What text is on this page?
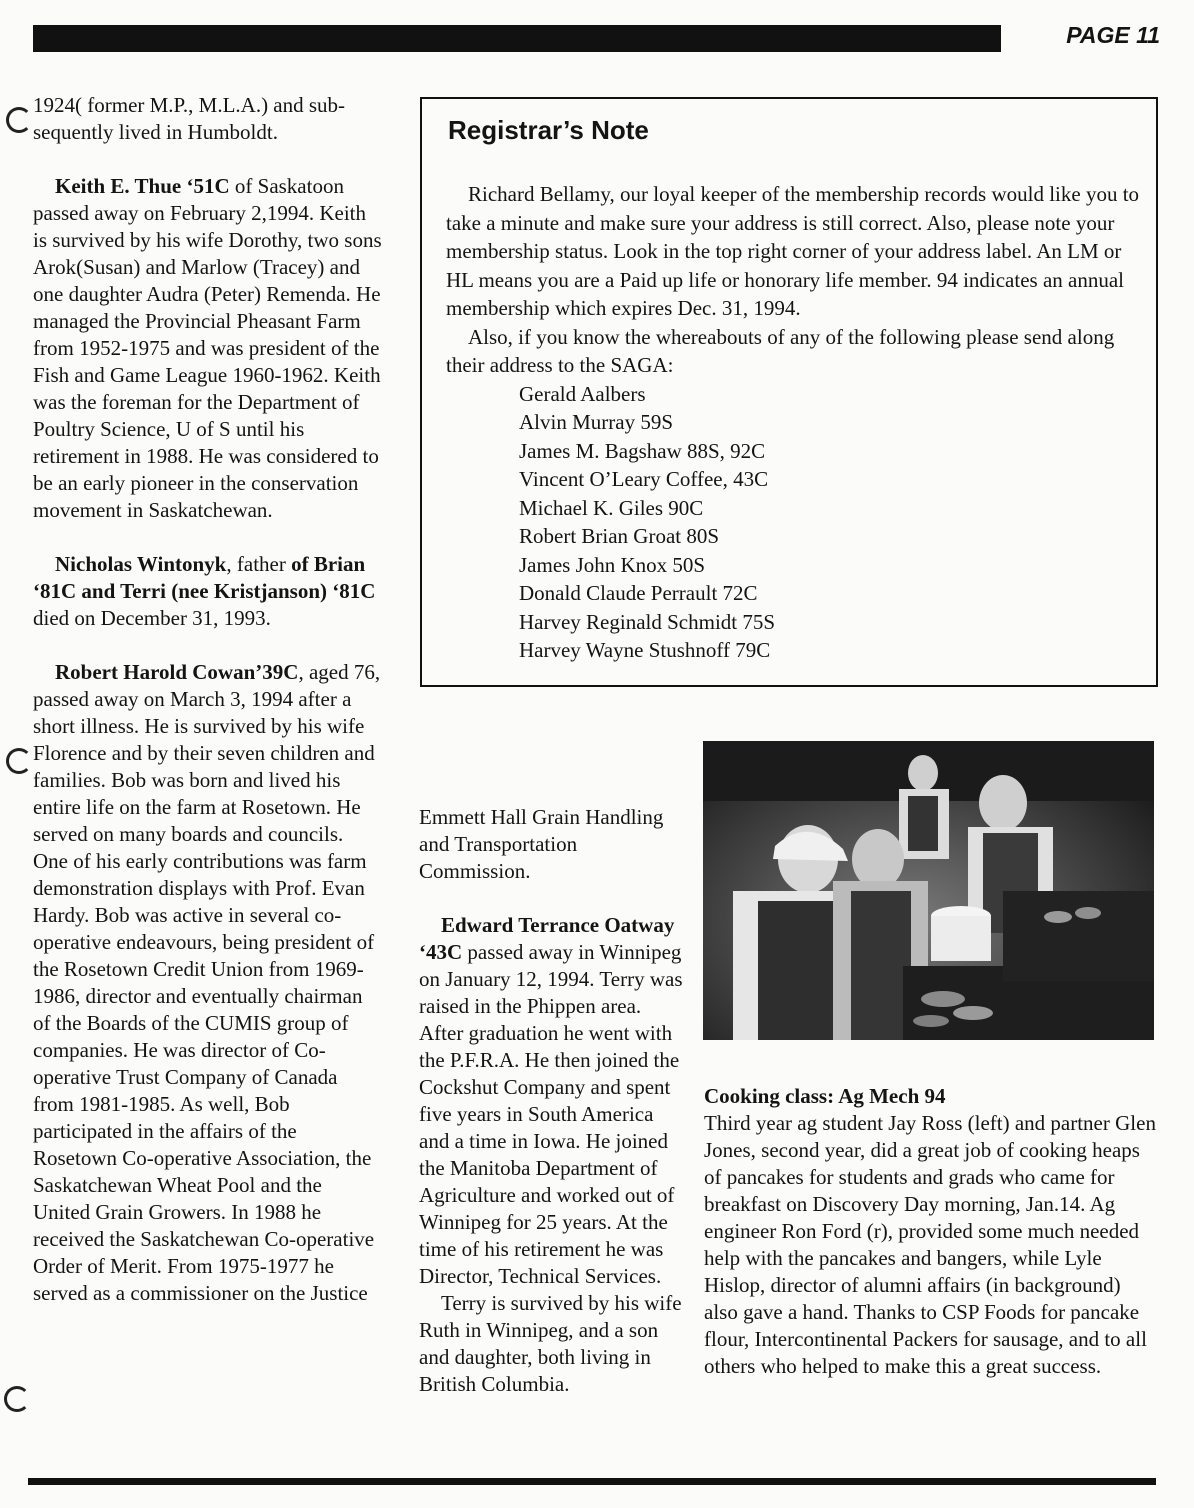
PAGE 11

1924( former M.P., M.L.A.) and sub-
sequently lived in Humboldt.

Keith E. Thue ‘51C of Saskatoon passed away on February 2,1994. Keith is survived by his wife Dorothy, two sons Arok(Susan) and Marlow (Tracey) and one daughter Audra (Peter) Remenda. He managed the Provincial Pheasant Farm from 1952-1975 and was president of the Fish and Game League 1960-1962. Keith was the foreman for the Department of Poultry Science, U of S until his retirement in 1988. He was considered to be an early pioneer in the conservation movement in Saskatchewan.

Nicholas Wintonyk, father of Brian ‘81C and Terri (nee Kristjanson) ‘81C died on December 31, 1993.

Robert Harold Cowan’39C, aged 76, passed away on March 3, 1994 after a short illness. He is survived by his wife Florence and by their seven children and families. Bob was born and lived his entire life on the farm at Rosetown. He served on many boards and councils. One of his early contributions was farm demonstration displays with Prof. Evan Hardy. Bob was active in several co-operative endeavours, being president of the Rosetown Credit Union from 1969-1986, director and eventually chairman of the Boards of the CUMIS group of companies. He was director of Co-operative Trust Company of Canada from 1981-1985. As well, Bob participated in the affairs of the Rosetown Co-operative Association, the Saskatchewan Wheat Pool and the United Grain Growers. In 1988 he received the Saskatchewan Co-operative Order of Merit. From 1975-1977 he served as a commissioner on the Justice

Registrar’s Note

Richard Bellamy, our loyal keeper of the membership records would like you to take a minute and make sure your address is still correct. Also, please note your membership status. Look in the top right corner of your address label. An LM or HL means you are a Paid up life or honorary life member. 94 indicates an annual membership which expires Dec. 31, 1994.

Also, if you know the whereabouts of any of the following please send along their address to the SAGA:

Gerald Aalbers
Alvin Murray 59S
James M. Bagshaw 88S, 92C
Vincent O’Leary Coffee, 43C
Michael K. Giles 90C
Robert Brian Groat 80S
James John Knox 50S
Donald Claude Perrault 72C
Harvey Reginald Schmidt 75S
Harvey Wayne Stushnoff 79C

Emmett Hall Grain Handling and Transportation Commission.

Edward Terrance Oatway ‘43C passed away in Winnipeg on January 12, 1994. Terry was raised in the Phippen area. After graduation he went with the P.F.R.A. He then joined the Cockshut Company and spent five years in South America and a time in Iowa. He joined the Manitoba Department of Agriculture and worked out of Winnipeg for 25 years. At the time of his retirement he was Director, Technical Services.

Terry is survived by his wife Ruth in Winnipeg, and a son and daughter, both living in British Columbia.

Cooking class: Ag Mech 94

Third year ag student Jay Ross (left) and partner Glen Jones, second year, did a great job of cooking heaps of pancakes for students and grads who came for breakfast on Discovery Day morning, Jan.14. Ag engineer Ron Ford (r), provided some much needed help with the pancakes and bangers, while Lyle Hislop, director of alumni affairs (in background) also gave a hand. Thanks to CSP Foods for pancake flour, Intercontinental Packers for sausage, and to all others who helped to make this a great success.
